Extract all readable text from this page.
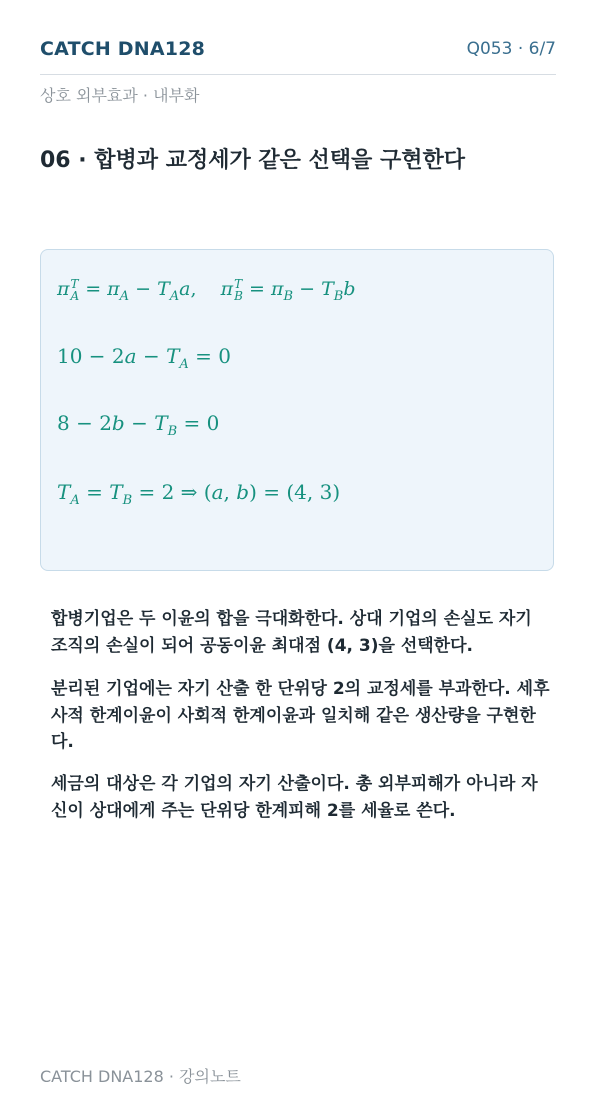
CATCH DNA128	Q053 · 6/7
상호 외부효과 · 내부화
06 · 합병과 교정세가 같은 선택을 구현한다
π T
$A = \pi_A - T_Aa$,    π T
$B = \pi_B - T_Bb$
$10 - 2a - T_A = 0$
$8 - 2b - T_B = 0$
$T_A = T_B = 2$ ⇒ (a, b) = (4, 3)
합병기업은 두 이윤의 합을 극대화한다. 상대 기업의 손실도 자기 조직의 손실이 되어 공동이윤 최대점 (4, 3)을 선택한다.
분리된 기업에는 자기 산출 한 단위당 2의 교정세를 부과한다. 세후 사적 한계이윤이 사회적 한계이윤과 일치해 같은 생산량을 구현한다.
세금의 대상은 각 기업의 자기 산출이다. 총 외부피해가 아니라 자신이 상대에게 주는 단위당 한계피해 2를 세율로 쓴다.
CATCH DNA128 · 강의노트
